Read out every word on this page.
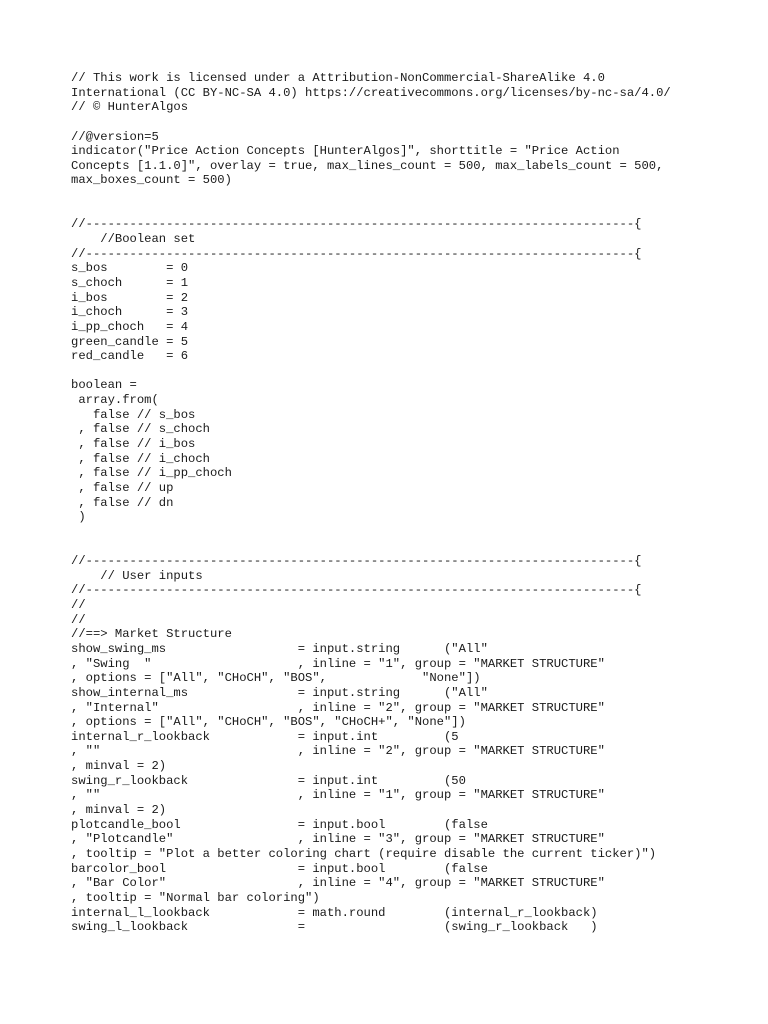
// This work is licensed under a Attribution-NonCommercial-ShareAlike 4.0
International (CC BY-NC-SA 4.0) https://creativecommons.org/licenses/by-nc-sa/4.0/
// © HunterAlgos
//@version=5
indicator("Price Action Concepts [HunterAlgos]", shorttitle = "Price Action
Concepts [1.1.0]", overlay = true, max_lines_count = 500, max_labels_count = 500,
max_boxes_count = 500)
//---------------------------------------------------------------------------{
//Boolean set
//---------------------------------------------------------------------------{
s_bos        = 0
s_choch      = 1
i_bos        = 2
i_choch      = 3
i_pp_choch   = 4
green_candle = 5
red_candle   = 6
boolean =
array.from(
false // s_bos
, false // s_choch
, false // i_bos
, false // i_choch
, false // i_pp_choch
, false // up
, false // dn
)
//---------------------------------------------------------------------------{
// User inputs
//---------------------------------------------------------------------------{
//
//
//==> Market Structure
show_swing_ms                  = input.string      ("All"
, "Swing  "                    , inline = "1", group = "MARKET STRUCTURE"
, options = ["All", "CHoCH", "BOS",             "None"])
show_internal_ms               = input.string      ("All"
, "Internal"                   , inline = "2", group = "MARKET STRUCTURE"
, options = ["All", "CHoCH", "BOS", "CHoCH+", "None"])
internal_r_lookback            = input.int         (5
, ""                           , inline = "2", group = "MARKET STRUCTURE"
, minval = 2)
swing_r_lookback               = input.int         (50
, ""                           , inline = "1", group = "MARKET STRUCTURE"
, minval = 2)
plotcandle_bool                = input.bool        (false
, "Plotcandle"                 , inline = "3", group = "MARKET STRUCTURE"
, tooltip = "Plot a better coloring chart (require disable the current ticker)")
barcolor_bool                  = input.bool        (false
, "Bar Color"                  , inline = "4", group = "MARKET STRUCTURE"
, tooltip = "Normal bar coloring")
internal_l_lookback            = math.round        (internal_r_lookback)
swing_l_lookback               =                   (swing_r_lookback   )
